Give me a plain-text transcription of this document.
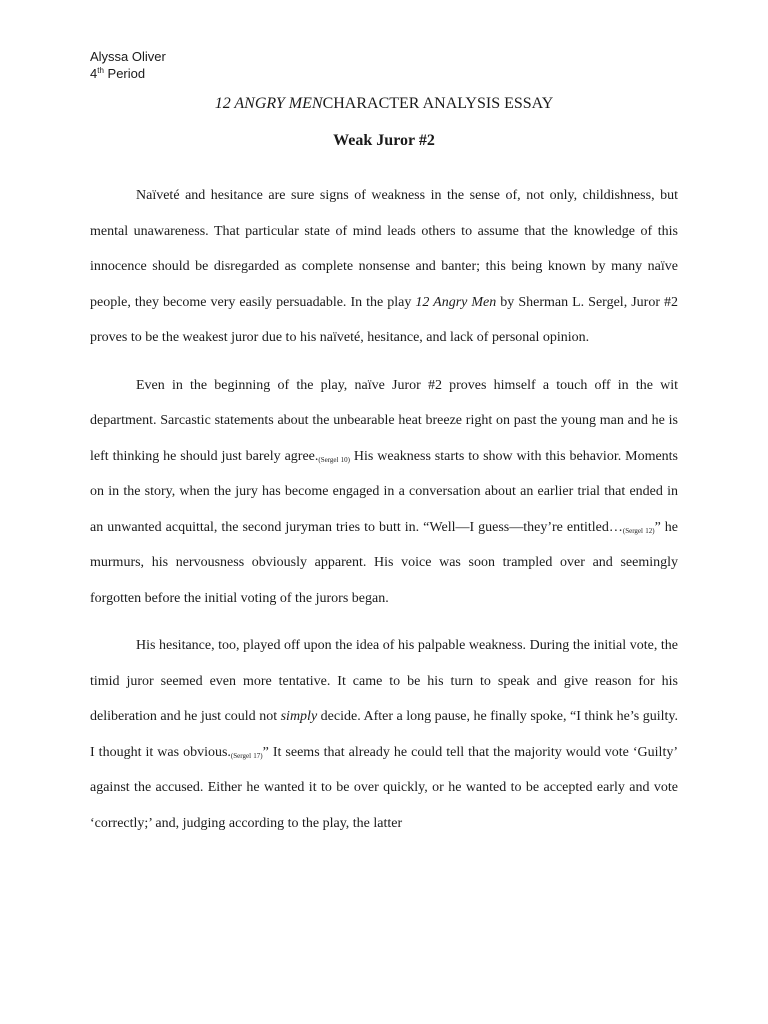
Alyssa Oliver
4th Period
12 ANGRY MENCHARACTER ANALYSIS ESSAY
Weak Juror #2

Naïveté and hesitance are sure signs of weakness in the sense of, not only, childishness, but mental unawareness. That particular state of mind leads others to assume that the knowledge of this innocence should be disregarded as complete nonsense and banter; this being known by many naïve people, they become very easily persuadable. In the play 12 Angry Men by Sherman L. Sergel, Juror #2 proves to be the weakest juror due to his naïveté, hesitance, and lack of personal opinion.

Even in the beginning of the play, naïve Juror #2 proves himself a touch off in the wit department. Sarcastic statements about the unbearable heat breeze right on past the young man and he is left thinking he should just barely agree.(Sergel 10) His weakness starts to show with this behavior. Moments on in the story, when the jury has become engaged in a conversation about an earlier trial that ended in an unwanted acquittal, the second juryman tries to butt in. “Well—I guess—they’re entitled…(Sergel 12)” he murmurs, his nervousness obviously apparent. His voice was soon trampled over and seemingly forgotten before the initial voting of the jurors began.

His hesitance, too, played off upon the idea of his palpable weakness. During the initial vote, the timid juror seemed even more tentative. It came to be his turn to speak and give reason for his deliberation and he just could not simply decide. After a long pause, he finally spoke, “I think he’s guilty. I thought it was obvious.(Sergel 17)” It seems that already he could tell that the majority would vote ‘Guilty’ against the accused. Either he wanted it to be over quickly, or he wanted to be accepted early and vote ‘correctly;’ and, judging according to the play, the latter
